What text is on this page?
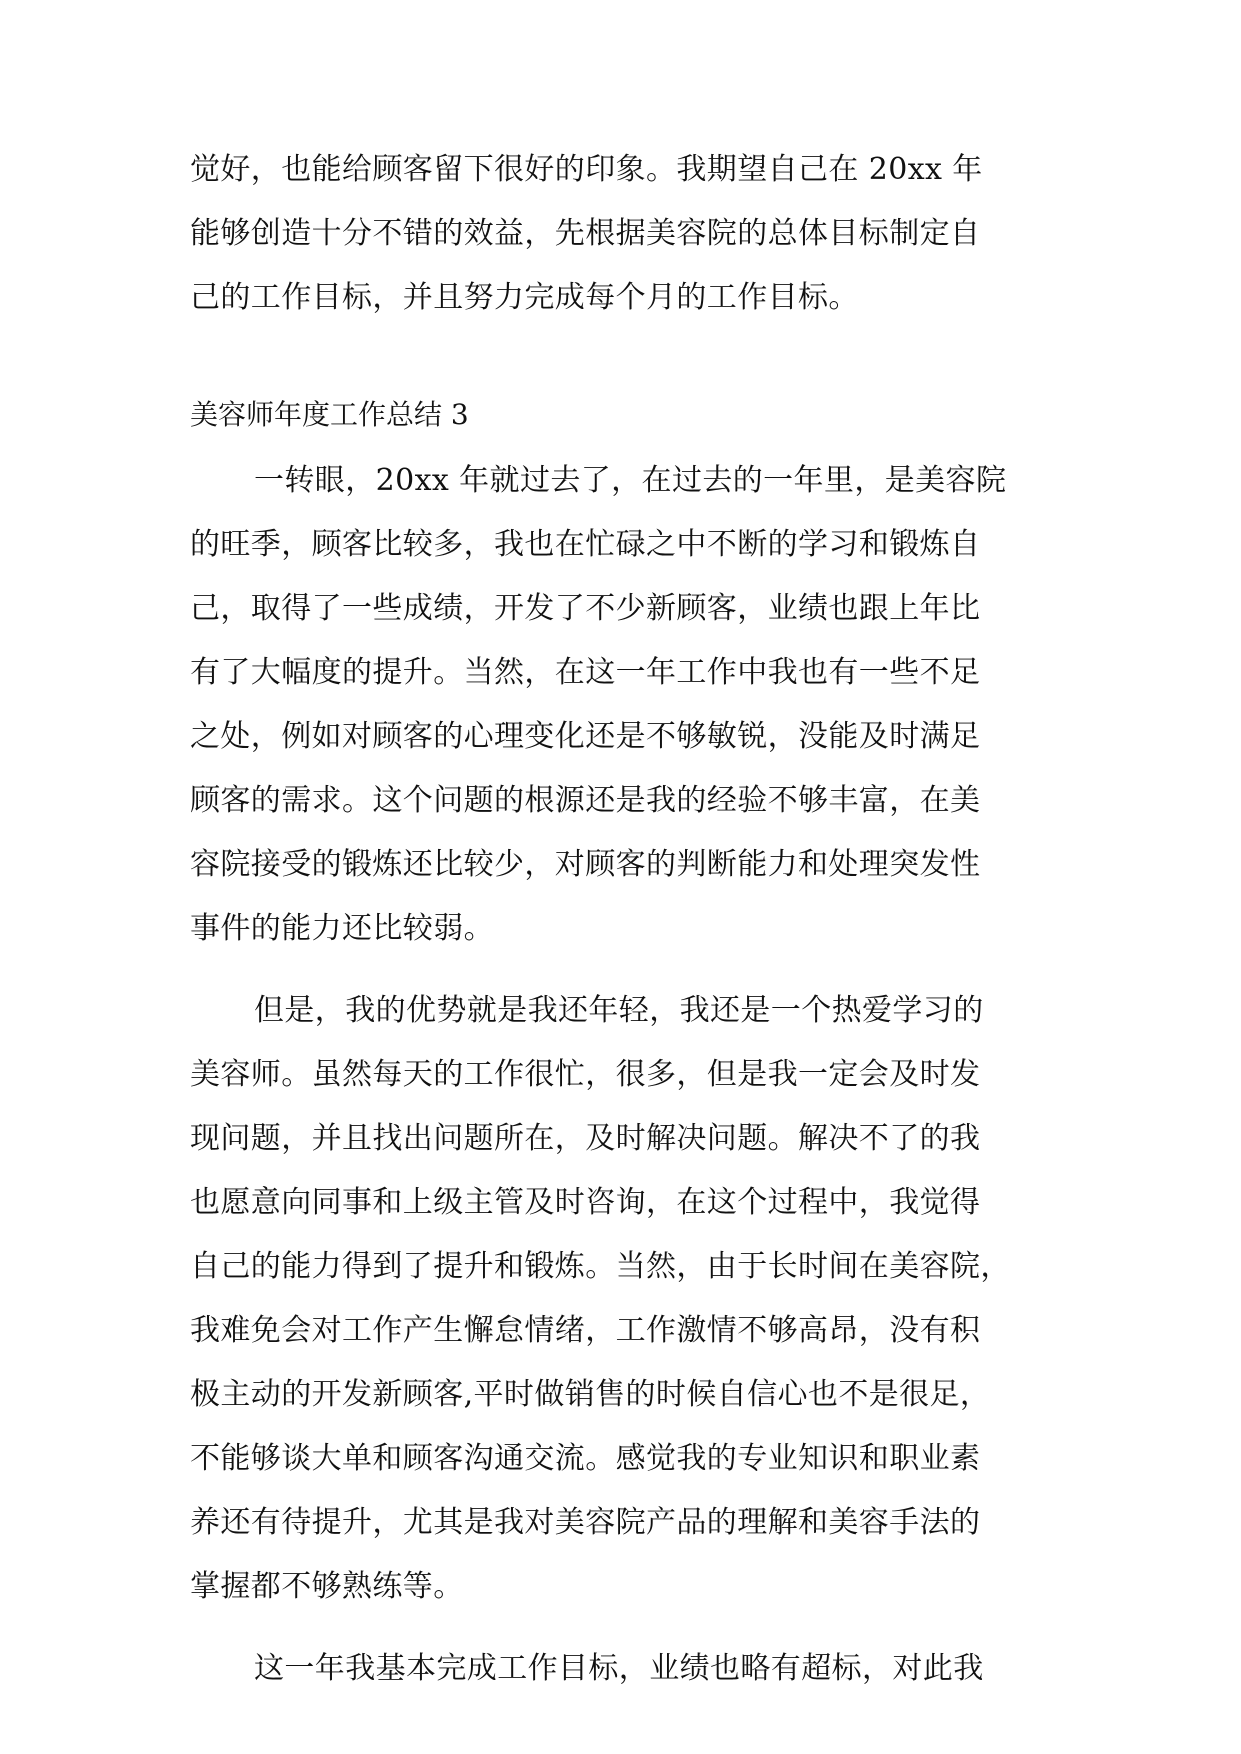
觉好，也能给顾客留下很好的印象。我期望自己在 20xx 年
能够创造十分不错的效益，先根据美容院的总体目标制定自
己的工作目标，并且努力完成每个月的工作目标。
美容师年度工作总结 3
一转眼，20xx 年就过去了，在过去的一年里，是美容院
的旺季，顾客比较多，我也在忙碌之中不断的学习和锻炼自
己，取得了一些成绩，开发了不少新顾客，业绩也跟上年比
有了大幅度的提升。当然，在这一年工作中我也有一些不足
之处，例如对顾客的心理变化还是不够敏锐，没能及时满足
顾客的需求。这个问题的根源还是我的经验不够丰富，在美
容院接受的锻炼还比较少，对顾客的判断能力和处理突发性
事件的能力还比较弱。
但是，我的优势就是我还年轻，我还是一个热爱学习的
美容师。虽然每天的工作很忙，很多，但是我一定会及时发
现问题，并且找出问题所在，及时解决问题。解决不了的我
也愿意向同事和上级主管及时咨询，在这个过程中，我觉得
自己的能力得到了提升和锻炼。当然，由于长时间在美容院，
我难免会对工作产生懈怠情绪，工作激情不够高昂，没有积
极主动的开发新顾客,平时做销售的时候自信心也不是很足，
不能够谈大单和顾客沟通交流。感觉我的专业知识和职业素
养还有待提升，尤其是我对美容院产品的理解和美容手法的
掌握都不够熟练等。
这一年我基本完成工作目标，业绩也略有超标，对此我
